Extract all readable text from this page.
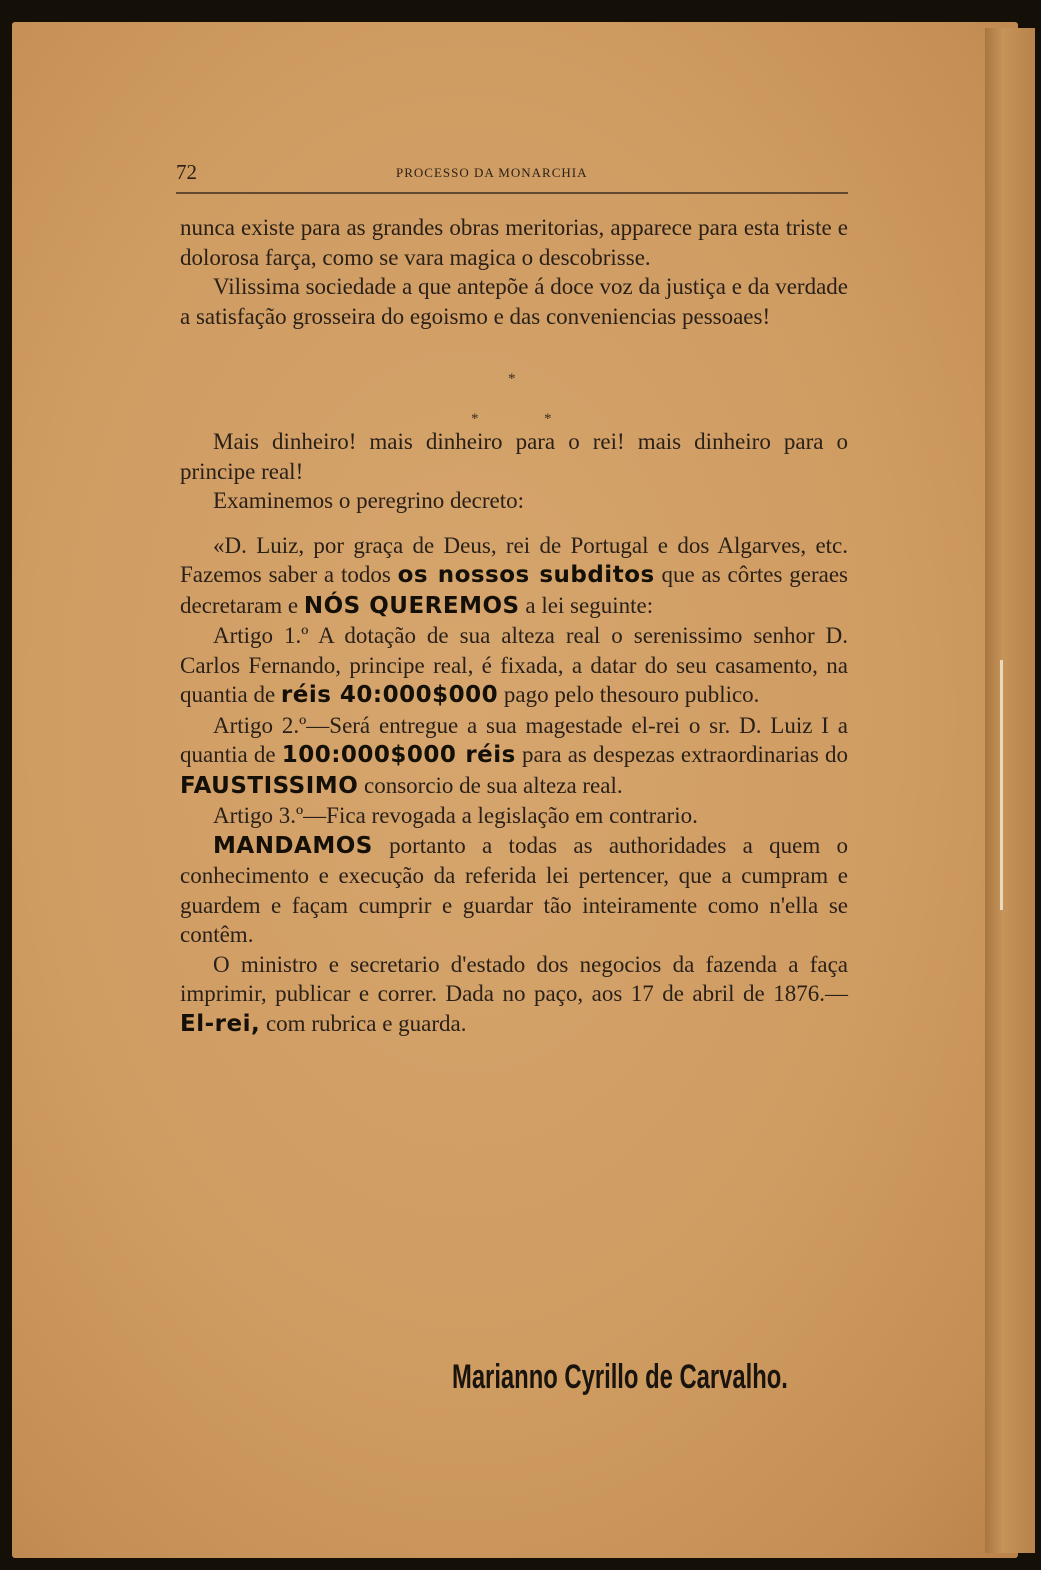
72	PROCESSO DA MONARCHIA

nunca existe para as grandes obras meritorias, apparece para esta triste e dolorosa farça, como se vara magica o descobrisse.

Vilissima sociedade a que antepõe á doce voz da justiça e da verdade a satisfação grosseira do egoismo e das conveniencias pessoaes!

*
*	*

Mais dinheiro! mais dinheiro para o rei! mais dinheiro para o principe real!

Examinemos o peregrino decreto:

«D. Luiz, por graça de Deus, rei de Portugal e dos Algarves, etc. Fazemos saber a todos os nossos subditos que as côrtes geraes decretaram e NÓS QUEREMOS a lei seguinte:

Artigo 1.º A dotação de sua alteza real o serenissimo senhor D. Carlos Fernando, principe real, é fixada, a datar do seu casamento, na quantia de réis 40:000$000 pago pelo thesouro publico.

Artigo 2.º—Será entregue a sua magestade el-rei o sr. D. Luiz I a quantia de 100:000$000 réis para as despezas extraordinarias do FAUSTISSIMO consorcio de sua alteza real.

Artigo 3.º—Fica revogada a legislação em contrario.

MANDAMOS portanto a todas as authoridades a quem o conhecimento e execução da referida lei pertencer, que a cumpram e guardem e façam cumprir e guardar tão inteiramente como n'ella se contêm.

O ministro e secretario d'estado dos negocios da fazenda a faça imprimir, publicar e correr. Dada no paço, aos 17 de abril de 1876.—El-rei, com rubrica e guarda.

Marianno Cyrillo de Carvalho.
